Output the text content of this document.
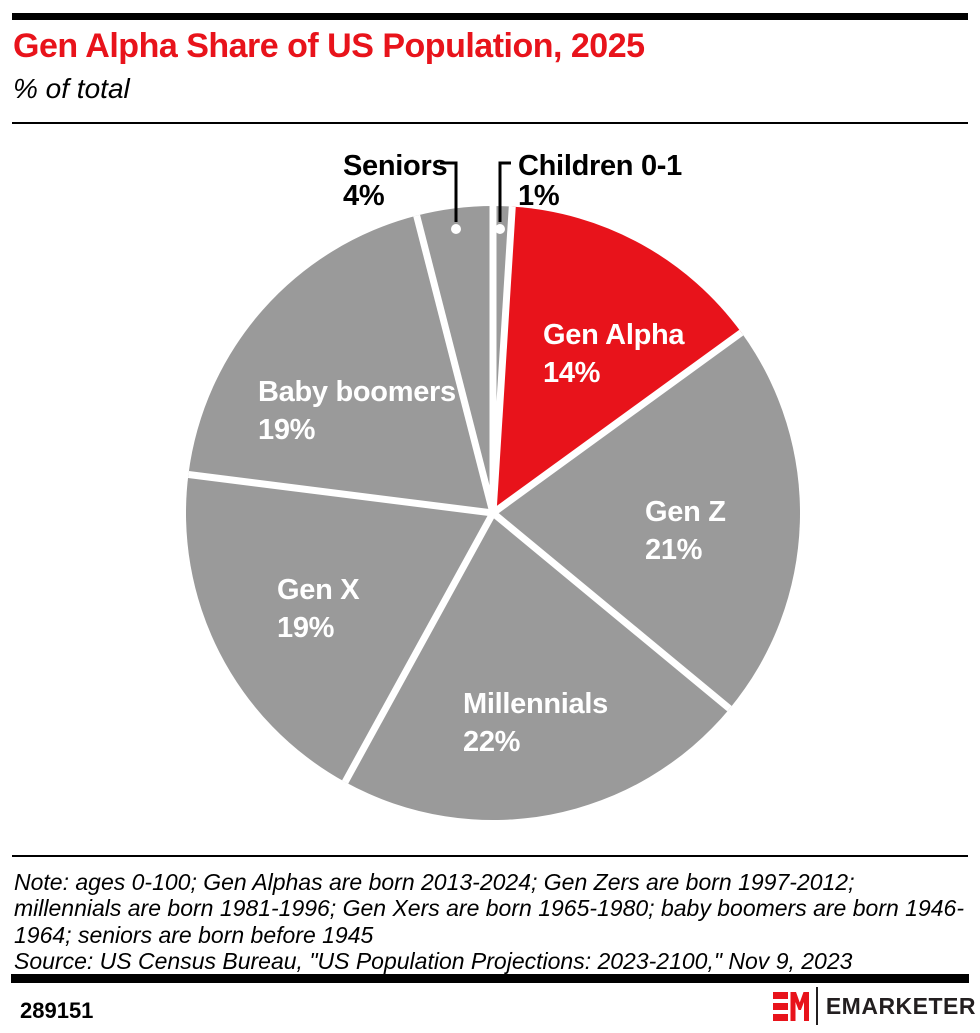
Gen Alpha Share of US Population, 2025
% of total
Children 0-1
1%
Gen Alpha
14%
Gen Z
21%
Millennials
22%
Gen X
19%
Baby boomers
19%
Seniors
4%
Note: ages 0-100; Gen Alphas are born 2013-2024; Gen Zers are born 1997-2012;
millennials are born 1981-1996; Gen Xers are born 1965-1980; baby boomers are born 1946-
1964; seniors are born before 1945
Source: US Census Bureau, "US Population Projections: 2023-2100," Nov 9, 2023
289151	EMARKETER
